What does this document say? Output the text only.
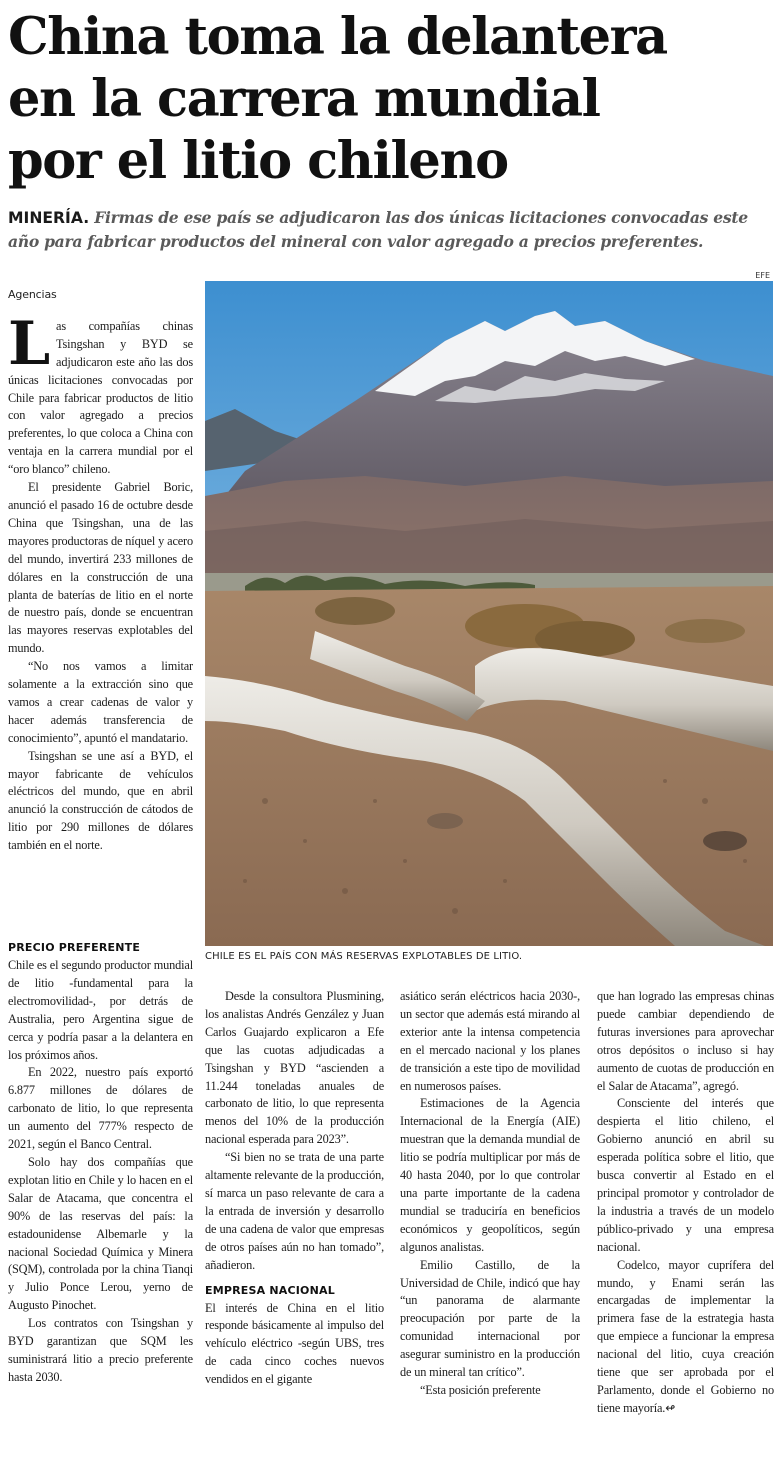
China toma la delantera
en la carrera mundial
por el litio chileno
MINERÍA. Firmas de ese país se adjudicaron las dos únicas licitaciones convocadas este año para fabricar productos del mineral con valor agregado a precios preferentes.
EFE
CHILE ES EL PAÍS CON MÁS RESERVAS EXPLOTABLES DE LITIO.
Agencias

Las compañías chinas Tsingshan y BYD se adjudicaron este año las dos únicas licitaciones convocadas por Chile para fabricar productos de litio con valor agregado a precios preferentes, lo que coloca a China con ventaja en la carrera mundial por el “oro blanco” chileno.

El presidente Gabriel Boric, anunció el pasado 16 de octubre desde China que Tsingshan, una de las mayores productoras de níquel y acero del mundo, invertirá 233 millones de dólares en la construcción de una planta de baterías de litio en el norte de nuestro país, donde se encuentran las mayores reservas explotables del mundo.

“No nos vamos a limitar solamente a la extracción sino que vamos a crear cadenas de valor y hacer además transferencia de conocimiento”, apuntó el mandatario.

Tsingshan se une así a BYD, el mayor fabricante de vehículos eléctricos del mundo, que en abril anunció la construcción de cátodos de litio por 290 millones de dólares también en el norte.

PRECIO PREFERENTE

Chile es el segundo productor mundial de litio -fundamental para la electromovilidad-, por detrás de Australia, pero Argentina sigue de cerca y podría pasar a la delantera en los próximos años.

En 2022, nuestro país exportó 6.877 millones de dólares de carbonato de litio, lo que representa un aumento del 777% respecto de 2021, según el Banco Central.

Solo hay dos compañías que explotan litio en Chile y lo hacen en el Salar de Atacama, que concentra el 90% de las reservas del país: la estadounidense Albemarle y la nacional Sociedad Química y Minera (SQM), controlada por la china Tianqi y Julio Ponce Lerou, yerno de Augusto Pinochet.

Los contratos con Tsingshan y BYD garantizan que SQM les suministrará litio a precio preferente hasta 2030.

Desde la consultora Plusmining, los analistas Andrés Genzález y Juan Carlos Guajardo explicaron a Efe que las cuotas adjudicadas a Tsingshan y BYD “ascienden a 11.244 toneladas anuales de carbonato de litio, lo que representa menos del 10% de la producción nacional esperada para 2023”.

“Si bien no se trata de una parte altamente relevante de la producción, sí marca un paso relevante de cara a la entrada de inversión y desarrollo de una cadena de valor que empresas de otros países aún no han tomado”, añadieron.

EMPRESA NACIONAL

El interés de China en el litio responde básicamente al impulso del vehículo eléctrico -según UBS, tres de cada cinco coches nuevos vendidos en el gigante

asiático serán eléctricos hacia 2030-, un sector que además está mirando al exterior ante la intensa competencia en el mercado nacional y los planes de transición a este tipo de movilidad en numerosos países.

Estimaciones de la Agencia Internacional de la Energía (AIE) muestran que la demanda mundial de litio se podría multiplicar por más de 40 hasta 2040, por lo que controlar una parte importante de la cadena mundial se traduciría en beneficios económicos y geopolíticos, según algunos analistas.

Emilio Castillo, de la Universidad de Chile, indicó que hay “un panorama de alarmante preocupación por parte de la comunidad internacional por asegurar suministro en la producción de un mineral tan crítico”.

“Esta posición preferente

que han logrado las empresas chinas puede cambiar dependiendo de futuras inversiones para aprovechar otros depósitos o incluso si hay aumento de cuotas de producción en el Salar de Atacama”, agregó.

Consciente del interés que despierta el litio chileno, el Gobierno anunció en abril su esperada política sobre el litio, que busca convertir al Estado en el principal promotor y controlador de la industria a través de un modelo público-privado y una empresa nacional.

Codelco, mayor cuprífera del mundo, y Enami serán las encargadas de implementar la primera fase de la estrategia hasta que empiece a funcionar la empresa nacional del litio, cuya creación tiene que ser aprobada por el Parlamento, donde el Gobierno no tiene mayoría.↫
